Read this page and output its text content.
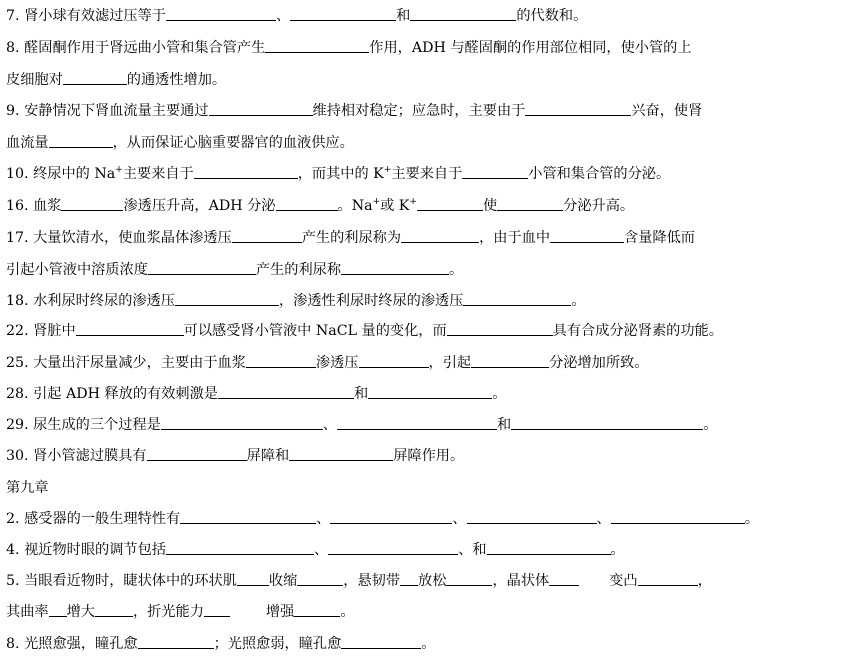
7. 肾小球有效滤过压等于	、	和	的代数和。
8. 醛固酮作用于肾远曲小管和集合管产生	作用，ADH 与醛固酮的作用部位相同，使小管的上
皮细胞对	的通透性增加。
9. 安静情况下肾血流量主要通过	维持相对稳定；应急时，主要由于	兴奋，使肾
血流量	，从而保证心脑重要器官的血液供应。
10. 终尿中的 Na+主要来自于	，而其中的 K+主要来自于	小管和集合管的分泌。
16. 血浆	渗透压升高，ADH 分泌	。Na+或 K+	使	分泌升高。
17. 大量饮清水，使血浆晶体渗透压	产生的利尿称为	，由于血中	含量降低而
引起小管液中溶质浓度	产生的利尿称	。
18. 水利尿时终尿的渗透压	，渗透性利尿时终尿的渗透压	。
22. 肾脏中	可以感受肾小管液中 NaCL 量的变化，而	具有合成分泌肾素的功能。
25. 大量出汗尿量减少，主要由于血浆	渗透压	，引起	分泌增加所致。
28. 引起 ADH 释放的有效刺激是	和	。
29. 尿生成的三个过程是	、	和	。
30. 肾小管滤过膜具有	屏障和	屏障作用。
第九章
2. 感受器的一般生理特性有	、	、	、	。
4. 视近物时眼的调节包括	、	、和	。
5. 当眼看近物时，睫状体中的环状肌 收缩	，悬韧带 放松	，晶状体	变凸	，
其曲率 增大	，折光能力	增强	。
8. 光照愈强，瞳孔愈	；光照愈弱，瞳孔愈	。
